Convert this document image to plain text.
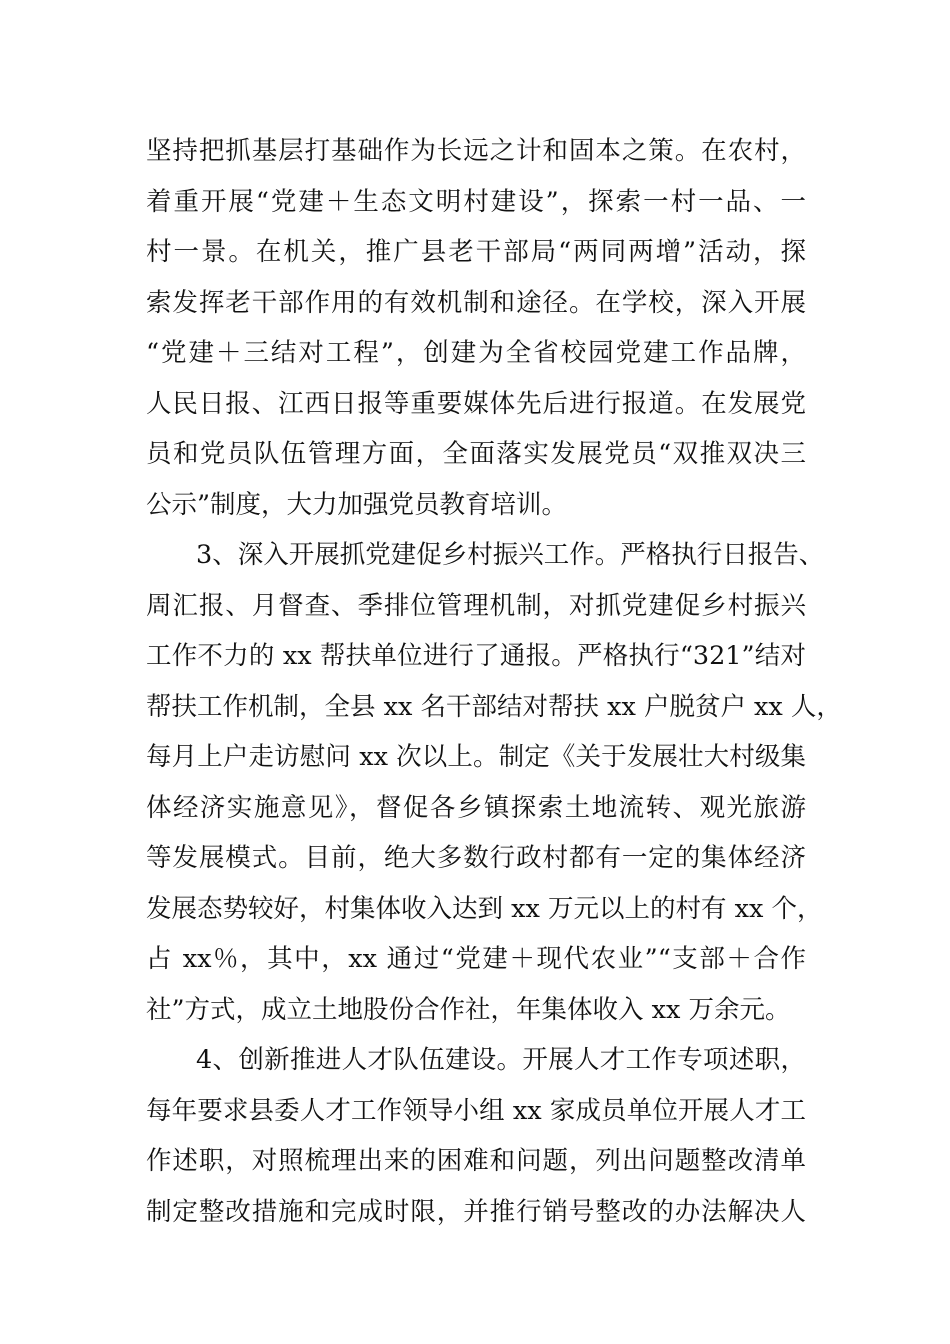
坚持把抓基层打基础作为长远之计和固本之策。在农村，
着重开展“党建＋生态文明村建设”，探索一村一品、一
村一景。在机关，推广县老干部局“两同两增”活动，探
索发挥老干部作用的有效机制和途径。在学校，深入开展
“党建＋三结对工程”，创建为全省校园党建工作品牌，
人民日报、江西日报等重要媒体先后进行报道。在发展党
员和党员队伍管理方面，全面落实发展党员“双推双决三
公示”制度，大力加强党员教育培训。
3、深入开展抓党建促乡村振兴工作。严格执行日报告、
周汇报、月督查、季排位管理机制，对抓党建促乡村振兴
工作不力的 xx 帮扶单位进行了通报。严格执行“321”结对
帮扶工作机制，全县 xx 名干部结对帮扶 xx 户脱贫户 xx 人，
每月上户走访慰问 xx 次以上。制定《关于发展壮大村级集
体经济实施意见》，督促各乡镇探索土地流转、观光旅游
等发展模式。目前，绝大多数行政村都有一定的集体经济
发展态势较好，村集体收入达到 xx 万元以上的村有 xx 个，
占 xx％，其中，xx 通过“党建＋现代农业”“支部＋合作
社”方式，成立土地股份合作社，年集体收入 xx 万余元。
4、创新推进人才队伍建设。开展人才工作专项述职，
每年要求县委人才工作领导小组 xx 家成员单位开展人才工
作述职，对照梳理出来的困难和问题，列出问题整改清单
制定整改措施和完成时限，并推行销号整改的办法解决人
